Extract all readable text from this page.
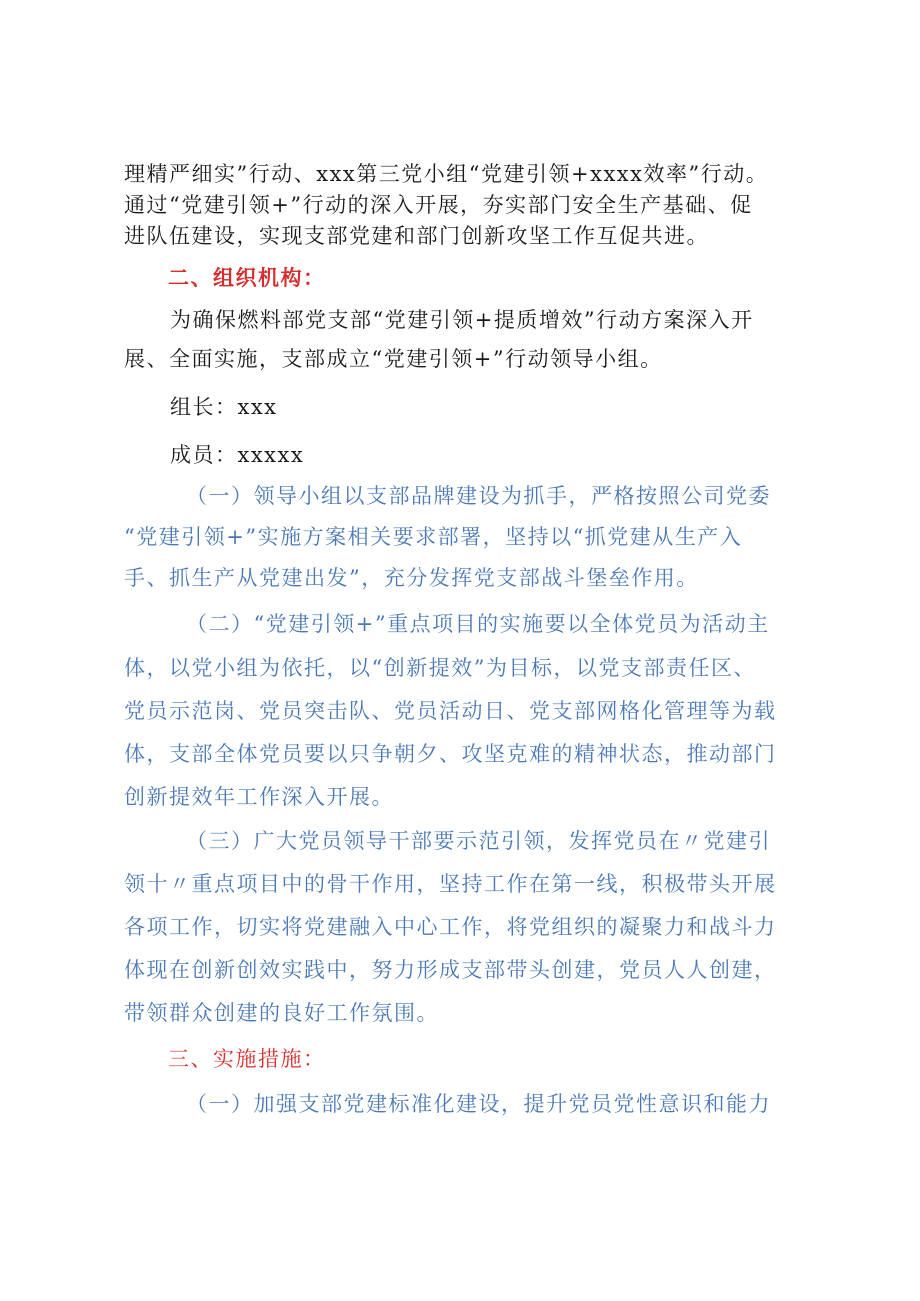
理精严细实”行动、xxx第三党小组“党建引领+xxxx效率”行动。
通过“党建引领+”行动的深入开展，夯实部门安全生产基础、促
进队伍建设，实现支部党建和部门创新攻坚工作互促共进。
二、组织机构：
为确保燃料部党支部“党建引领+提质增效”行动方案深入开
展、全面实施，支部成立“党建引领+”行动领导小组。
组长：xxx
成员：xxxxx
（一）领导小组以支部品牌建设为抓手，严格按照公司党委
“党建引领+”实施方案相关要求部署，坚持以“抓党建从生产入
手、抓生产从党建出发”，充分发挥党支部战斗堡垒作用。
（二）“党建引领+”重点项目的实施要以全体党员为活动主
体，以党小组为依托，以“创新提效”为目标，以党支部责任区、
党员示范岗、党员突击队、党员活动日、党支部网格化管理等为载
体，支部全体党员要以只争朝夕、攻坚克难的精神状态，推动部门
创新提效年工作深入开展。
（三）广大党员领导干部要示范引领，发挥党员在〃党建引
领十〃重点项目中的骨干作用，坚持工作在第一线，积极带头开展
各项工作，切实将党建融入中心工作，将党组织的凝聚力和战斗力
体现在创新创效实践中，努力形成支部带头创建，党员人人创建，
带领群众创建的良好工作氛围。
三、实施措施：
（一）加强支部党建标准化建设，提升党员党性意识和能力
